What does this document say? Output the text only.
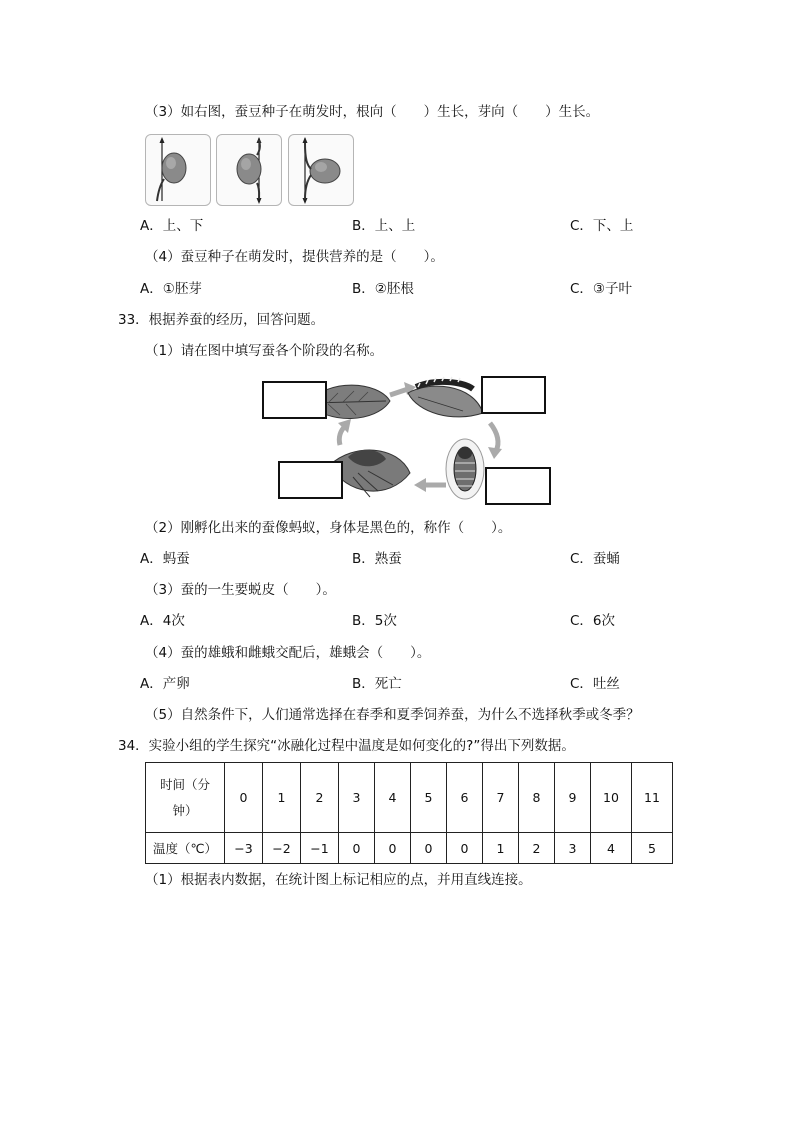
（3）如右图，蚕豆种子在萌发时，根向（　　）生长，芽向（　　）生长。
A．上、下	B．上、上	C．下、上
（4）蚕豆种子在萌发时，提供营养的是（　　）。
A．①胚芽	B．②胚根	C．③子叶
33．根据养蚕的经历，回答问题。
（1）请在图中填写蚕各个阶段的名称。
（2）刚孵化出来的蚕像蚂蚁，身体是黑色的，称作（　　）。
A．蚂蚕	B．熟蚕	C．蚕蛹
（3）蚕的一生要蜕皮（　　）。
A．4次	B．5次	C．6次
（4）蚕的雄蛾和雌蛾交配后，雄蛾会（　　）。
A．产卵	B．死亡	C．吐丝
（5）自然条件下，人们通常选择在春季和夏季饲养蚕，为什么不选择秋季或冬季？
34．实验小组的学生探究“冰融化过程中温度是如何变化的?”得出下列数据。
时间（分
钟）	0	1	2	3	4	5	6	7	8	9	10	11
温度（℃）	−3	−2	−1	0	0	0	0	1	2	3	4	5
（1）根据表内数据，在统计图上标记相应的点，并用直线连接。
